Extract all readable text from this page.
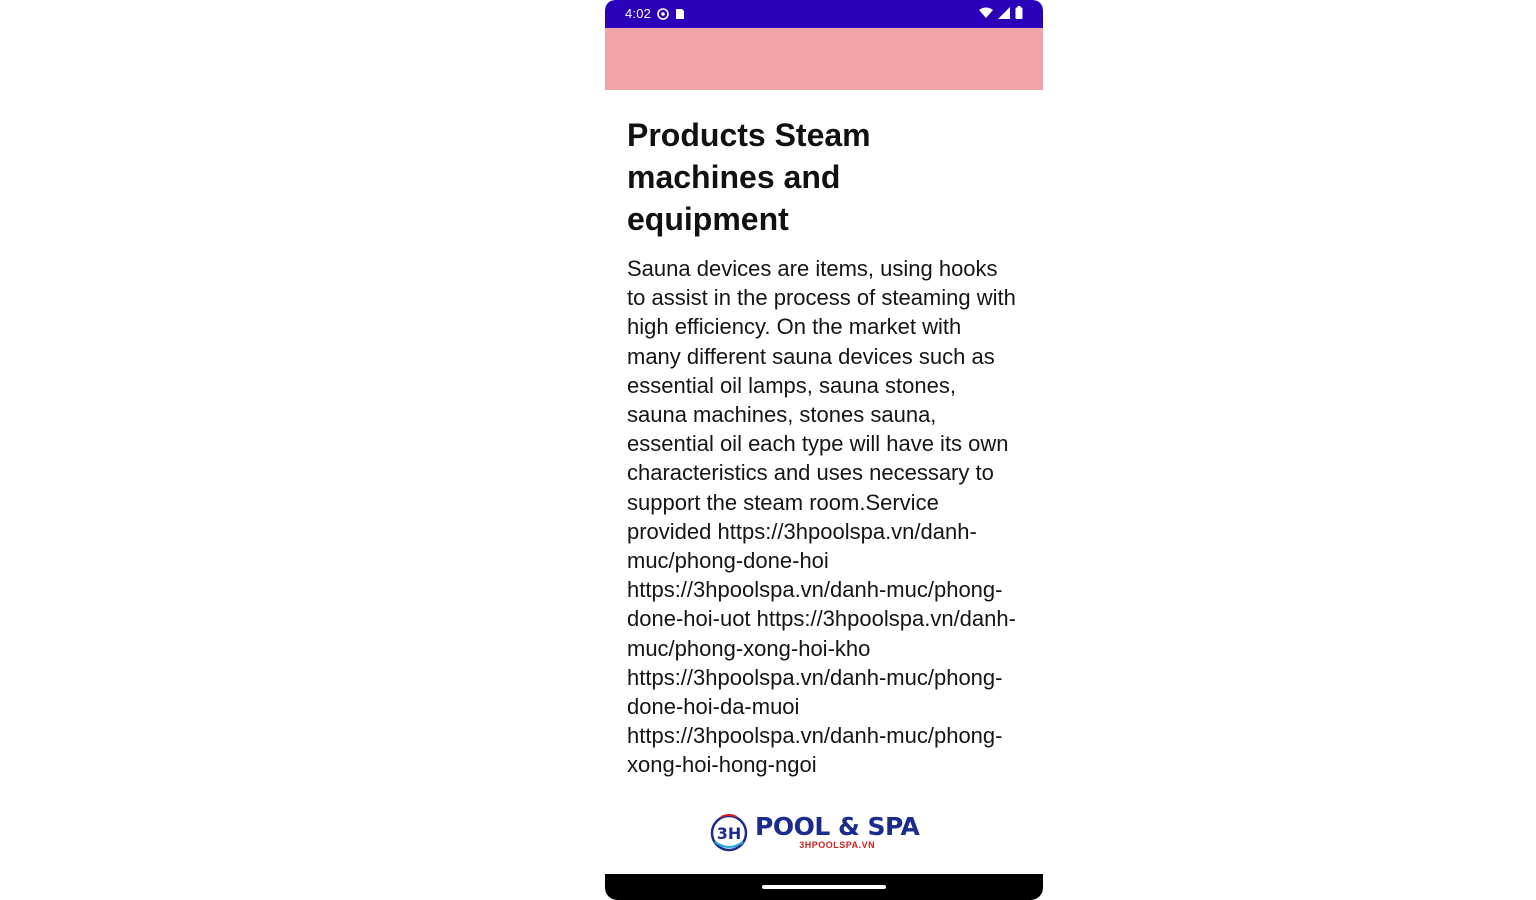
4:02
Products Steam machines and equipment

Sauna devices are items, using hooks to assist in the process of steaming with high efficiency. On the market with many different sauna devices such as essential oil lamps, sauna stones, sauna machines, stones sauna, essential oil each type will have its own characteristics and uses necessary to support the steam room.Service provided https://3hpoolspa.vn/danh-muc/phong-done-hoi https://3hpoolspa.vn/danh-muc/phong-done-hoi-uot https://3hpoolspa.vn/danh-muc/phong-xong-hoi-kho https://3hpoolspa.vn/danh-muc/phong-done-hoi-da-muoi https://3hpoolspa.vn/danh-muc/phong-xong-hoi-hong-ngoi

3H POOL & SPA
3HPOOLSPA.VN
